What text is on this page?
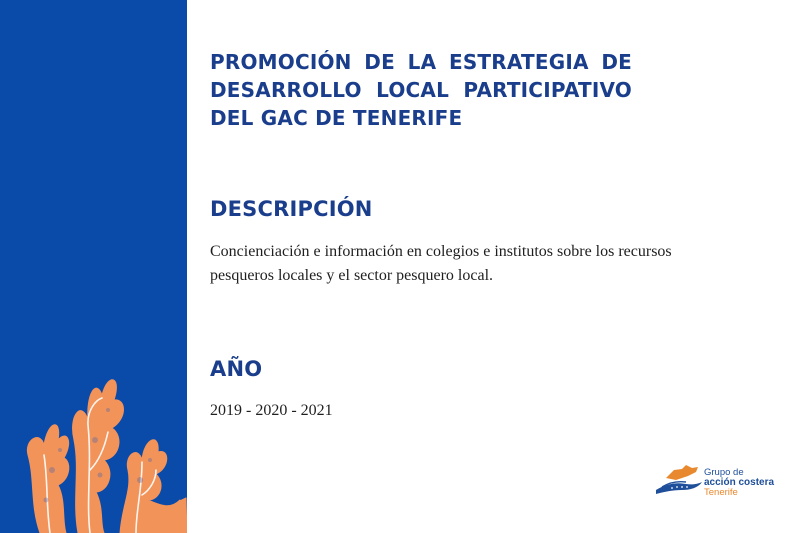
PROMOCIÓN DE LA ESTRATEGIA DE DESARROLLO LOCAL PARTICIPATIVO DEL GAC DE TENERIFE
DESCRIPCIÓN

Concienciación e información en colegios e institutos sobre los recursos pesqueros locales y el sector pesquero local.

AÑO

2019 - 2020 - 2021

Grupo de
acción costera
Tenerife
